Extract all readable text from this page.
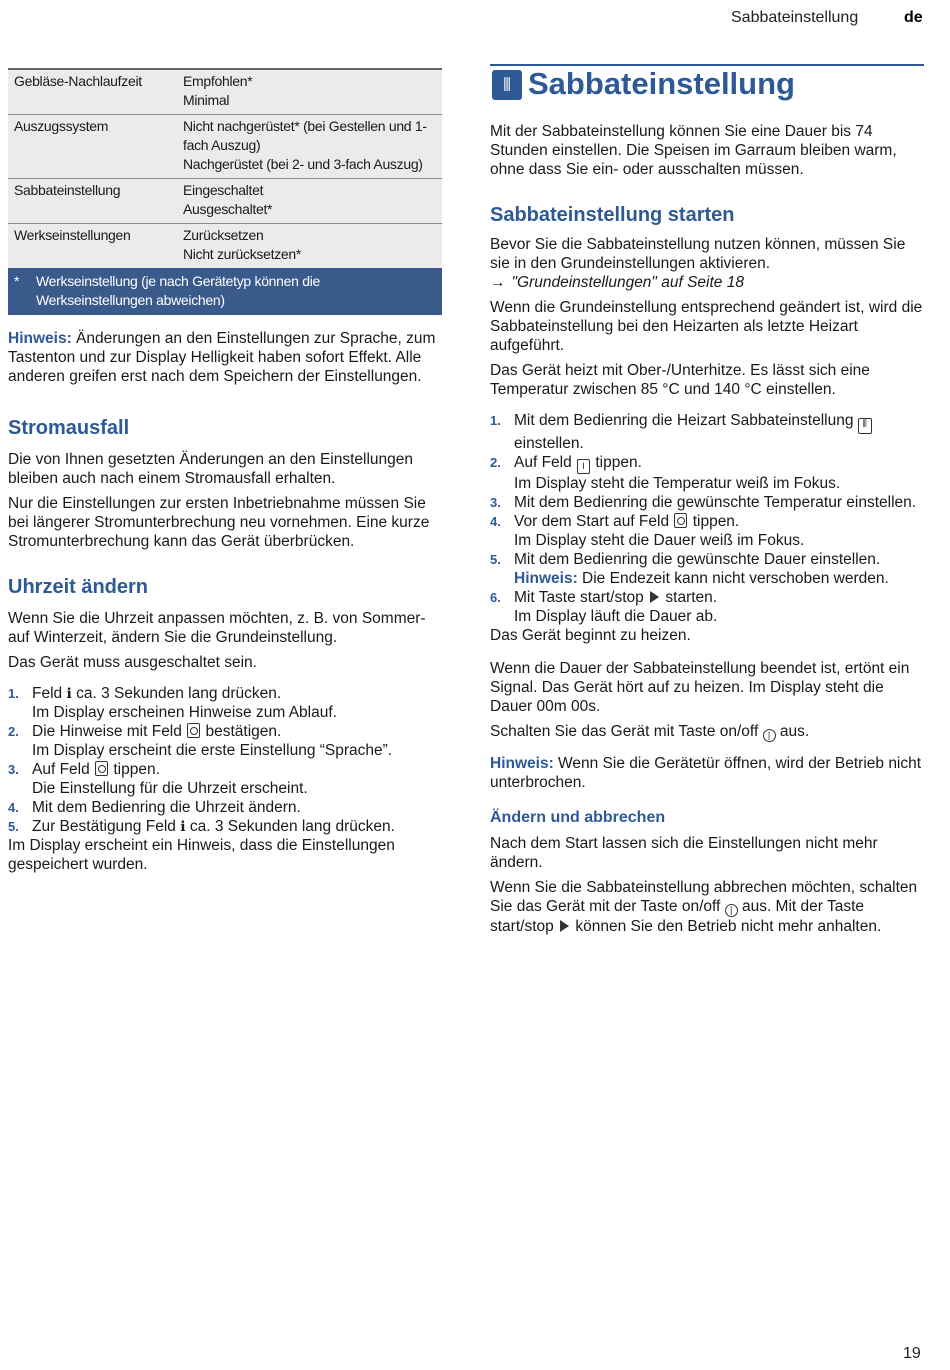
Sabbateinstellung	de
Gebläse-Nachlaufzeit	Empfohlen*
Minimal

Auszugssystem	Nicht nachgerüstet* (bei Gestellen und 1-fach Auszug)
Nachgerüstet (bei 2- und 3-fach Auszug)

Sabbateinstellung	Eingeschaltet
Ausgeschaltet*

Werkseinstellungen	Zurücksetzen
Nicht zurücksetzen*

* Werkseinstellung (je nach Gerätetyp können die Werkseinstellungen abweichen)	

Hinweis: Änderungen an den Einstellungen zur Sprache, zum Tastenton und zur Display Helligkeit haben sofort Effekt. Alle anderen greifen erst nach dem Speichern der Einstellungen.

Stromausfall

Die von Ihnen gesetzten Änderungen an den Einstellungen bleiben auch nach einem Stromausfall erhalten.

Nur die Einstellungen zur ersten Inbetriebnahme müssen Sie bei längerer Stromunterbrechung neu vornehmen. Eine kurze Stromunterbrechung kann das Gerät überbrücken.

Uhrzeit ändern

Wenn Sie die Uhrzeit anpassen möchten, z. B. von Sommer- auf Winterzeit, ändern Sie die Grundeinstellung.

Das Gerät muss ausgeschaltet sein.

1. Feld ℹ ca. 3 Sekunden lang drücken.
Im Display erscheinen Hinweise zum Ablauf.
2. Die Hinweise mit Feld  bestätigen.
Im Display erscheint die erste Einstellung “Sprache”.
3. Auf Feld  tippen.
Die Einstellung für die Uhrzeit erscheint.
4. Mit dem Bedienring die Uhrzeit ändern.
5. Zur Bestätigung Feld ℹ ca. 3 Sekunden lang drücken.

Im Display erscheint ein Hinweis, dass die Einstellungen gespeichert wurden.

⫴ Sabbateinstellung

Mit der Sabbateinstellung können Sie eine Dauer bis 74 Stunden einstellen. Die Speisen im Garraum bleiben warm, ohne dass Sie ein- oder ausschalten müssen.

Sabbateinstellung starten

Bevor Sie die Sabbateinstellung nutzen können, müssen Sie sie in den Grundeinstellungen aktivieren.
→ "Grundeinstellungen" auf Seite 18

Wenn die Grundeinstellung entsprechend geändert ist, wird die Sabbateinstellung bei den Heizarten als letzte Heizart aufgeführt.

Das Gerät heizt mit Ober-/Unterhitze. Es lässt sich eine Temperatur zwischen 85 °C und 140 °C einstellen.

1. Mit dem Bedienring die Heizart Sabbateinstellung ⫴ einstellen.
2. Auf Feld ǀ tippen.
Im Display steht die Temperatur weiß im Fokus.
3. Mit dem Bedienring die gewünschte Temperatur einstellen.
4. Vor dem Start auf Feld  tippen.
Im Display steht die Dauer weiß im Fokus.
5. Mit dem Bedienring die gewünschte Dauer einstellen.
Hinweis: Die Endezeit kann nicht verschoben werden.
6. Mit Taste start/stop  starten.
Im Display läuft die Dauer ab.

Das Gerät beginnt zu heizen.

Wenn die Dauer der Sabbateinstellung beendet ist, ertönt ein Signal. Das Gerät hört auf zu heizen. Im Display steht die Dauer 00m 00s.

Schalten Sie das Gerät mit Taste on/off | aus.

Hinweis: Wenn Sie die Gerätetür öffnen, wird der Betrieb nicht unterbrochen.

Ändern und abbrechen

Nach dem Start lassen sich die Einstellungen nicht mehr ändern.

Wenn Sie die Sabbateinstellung abbrechen möchten, schalten Sie das Gerät mit der Taste on/off | aus. Mit der Taste start/stop  können Sie den Betrieb nicht mehr anhalten.

19
